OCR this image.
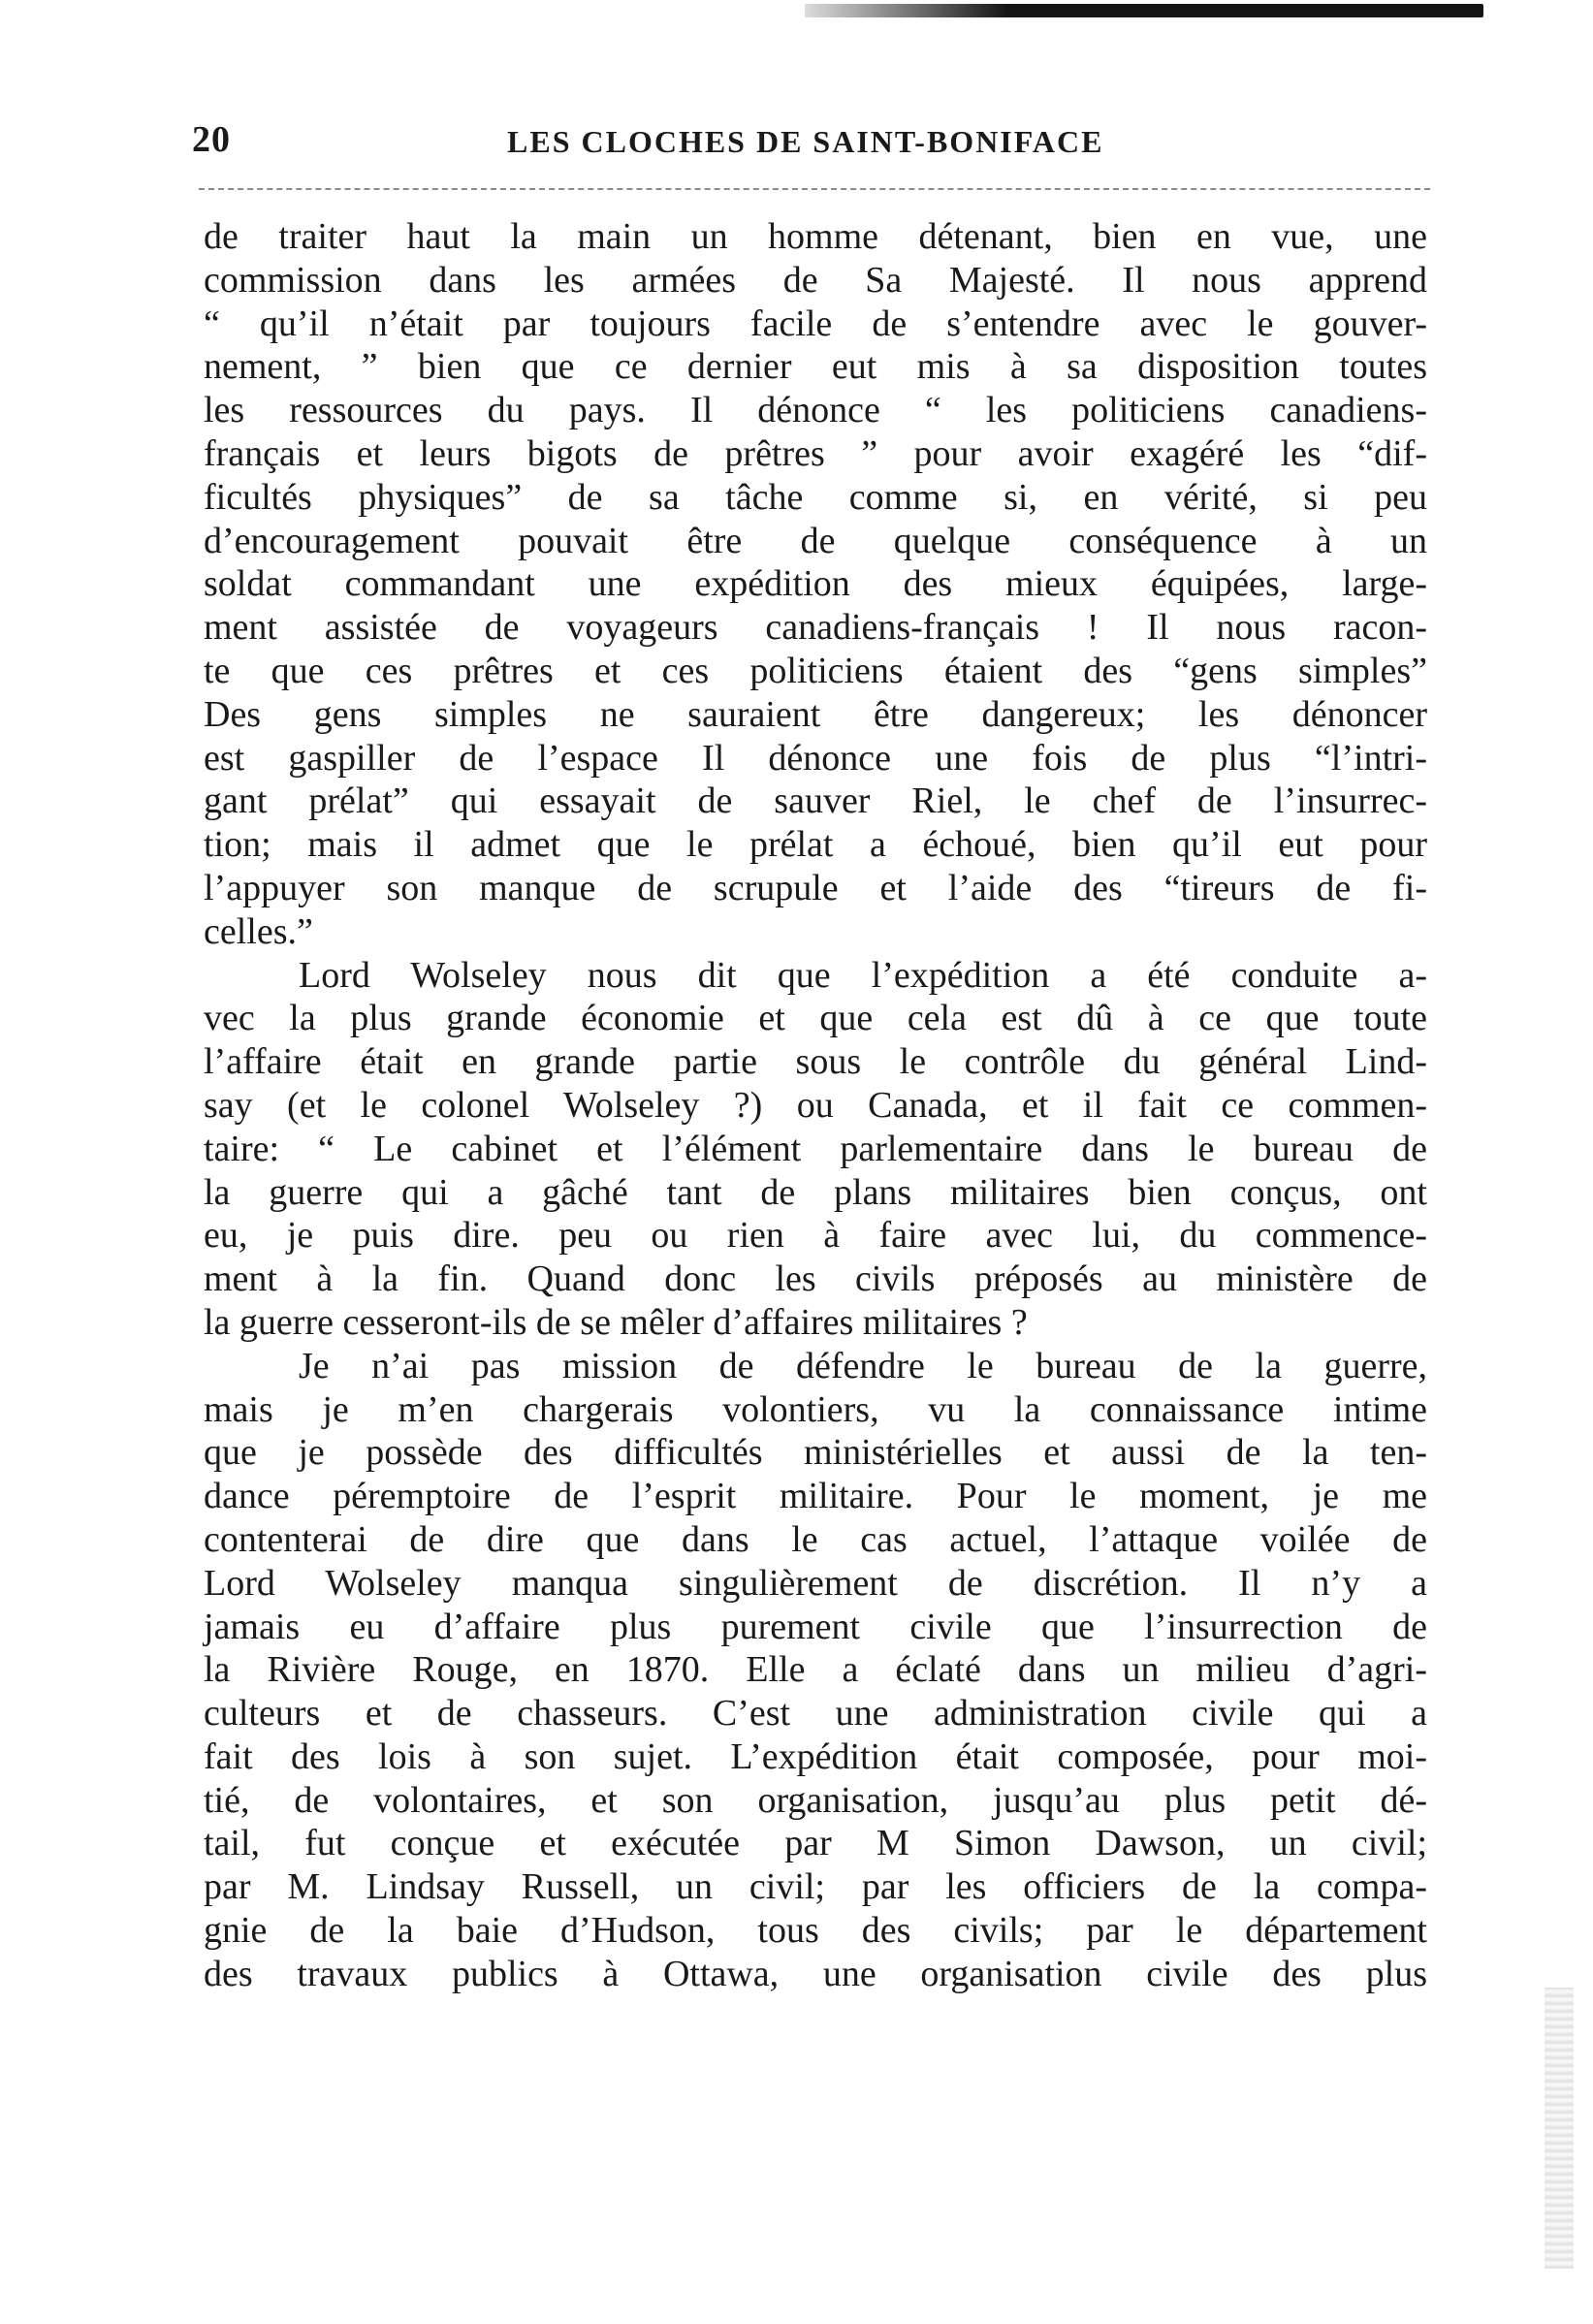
20	LES CLOCHES DE SAINT-BONIFACE
de traiter haut la main un homme détenant, bien en vue, une
commission dans les armées de Sa Majesté. Il nous apprend
“ qu’il n’était par toujours facile de s’entendre avec le gouver-
nement, ” bien que ce dernier eut mis à sa disposition toutes
les ressources du pays. Il dénonce “ les politiciens canadiens-
français et leurs bigots de prêtres ” pour avoir exagéré les “dif-
ficultés physiques” de sa tâche comme si, en vérité, si peu
d’encouragement pouvait être de quelque conséquence à un
soldat commandant une expédition des mieux équipées, large-
ment assistée de voyageurs canadiens-français ! Il nous racon-
te que ces prêtres et ces politiciens étaient des “gens simples”
Des gens simples ne sauraient être dangereux; les dénoncer
est gaspiller de l’espace Il dénonce une fois de plus “l’intri-
gant prélat” qui essayait de sauver Riel, le chef de l’insurrec-
tion; mais il admet que le prélat a échoué, bien qu’il eut pour
l’appuyer son manque de scrupule et l’aide des “tireurs de fi-
celles.”
Lord Wolseley nous dit que l’expédition a été conduite a-
vec la plus grande économie et que cela est dû à ce que toute
l’affaire était en grande partie sous le contrôle du général Lind-
say (et le colonel Wolseley ?) ou Canada, et il fait ce commen-
taire: “ Le cabinet et l’élément parlementaire dans le bureau de
la guerre qui a gâché tant de plans militaires bien conçus, ont
eu, je puis dire. peu ou rien à faire avec lui, du commence-
ment à la fin. Quand donc les civils préposés au ministère de
la guerre cesseront-ils de se mêler d’affaires militaires ?
Je n’ai pas mission de défendre le bureau de la guerre,
mais je m’en chargerais volontiers, vu la connaissance intime
que je possède des difficultés ministérielles et aussi de la ten-
dance péremptoire de l’esprit militaire. Pour le moment, je me
contenterai de dire que dans le cas actuel, l’attaque voilée de
Lord Wolseley manqua singulièrement de discrétion. Il n’y a
jamais eu d’affaire plus purement civile que l’insurrection de
la Rivière Rouge, en 1870. Elle a éclaté dans un milieu d’agri-
culteurs et de chasseurs. C’est une administration civile qui a
fait des lois à son sujet. L’expédition était composée, pour moi-
tié, de volontaires, et son organisation, jusqu’au plus petit dé-
tail, fut conçue et exécutée par M Simon Dawson, un civil;
par M. Lindsay Russell, un civil; par les officiers de la compa-
gnie de la baie d’Hudson, tous des civils; par le département
des travaux publics à Ottawa, une organisation civile des plus
